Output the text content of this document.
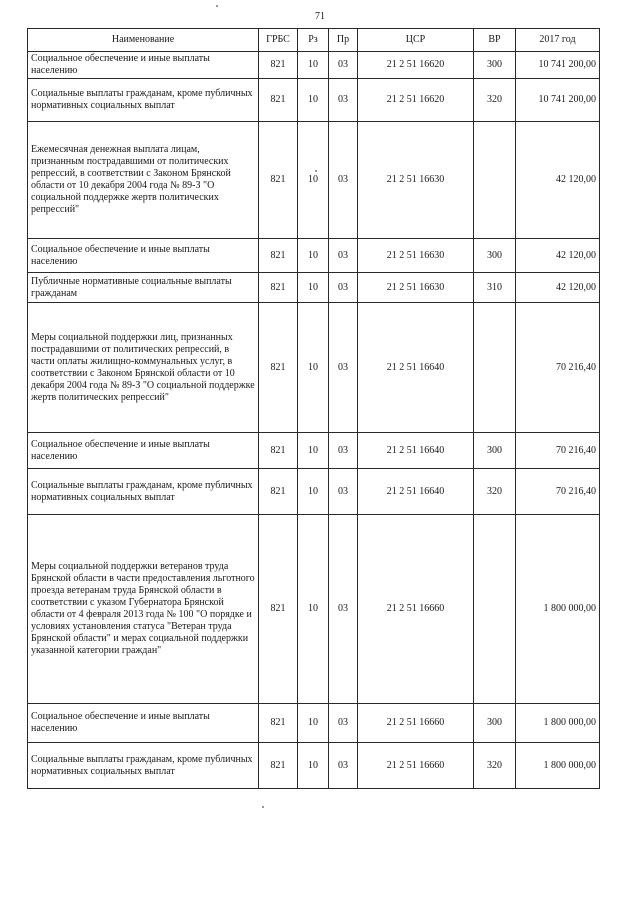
71
Наименование	ГРБС	Рз	Пр	ЦСР	ВР	2017 год
Социальное обеспечение и иные выплаты населению	821	10	03	21 2 51 16620	300	10 741 200,00
Социальные выплаты гражданам, кроме публичных нормативных социальных выплат	821	10	03	21 2 51 16620	320	10 741 200,00
Ежемесячная денежная выплата лицам, признанным пострадавшими от политических репрессий, в соответствии с Законом Брянской области от 10 декабря 2004 года № 89-З "О социальной поддержке жертв политических репрессий"	821	10	03	21 2 51 16630		42 120,00
Социальное обеспечение и иные выплаты населению	821	10	03	21 2 51 16630	300	42 120,00
Публичные нормативные социальные выплаты гражданам	821	10	03	21 2 51 16630	310	42 120,00
Меры социальной поддержки лиц, признанных пострадавшими от политических репрессий, в части оплаты жилищно-коммунальных услуг, в соответствии с Законом Брянской области от 10 декабря 2004 года № 89-З "О социальной поддержке жертв политических репрессий"	821	10	03	21 2 51 16640		70 216,40
Социальное обеспечение и иные выплаты населению	821	10	03	21 2 51 16640	300	70 216,40
Социальные выплаты гражданам, кроме публичных нормативных социальных выплат	821	10	03	21 2 51 16640	320	70 216,40
Меры социальной поддержки ветеранов труда Брянской области в части предоставления льготного проезда ветеранам труда Брянской области в соответствии с указом Губернатора Брянской области от 4 февраля 2013 года № 100 "О порядке и условиях установления статуса "Ветеран труда Брянской области" и мерах социальной поддержки указанной категории граждан"	821	10	03	21 2 51 16660		1 800 000,00
Социальное обеспечение и иные выплаты населению	821	10	03	21 2 51 16660	300	1 800 000,00
Социальные выплаты гражданам, кроме публичных нормативных социальных выплат	821	10	03	21 2 51 16660	320	1 800 000,00
